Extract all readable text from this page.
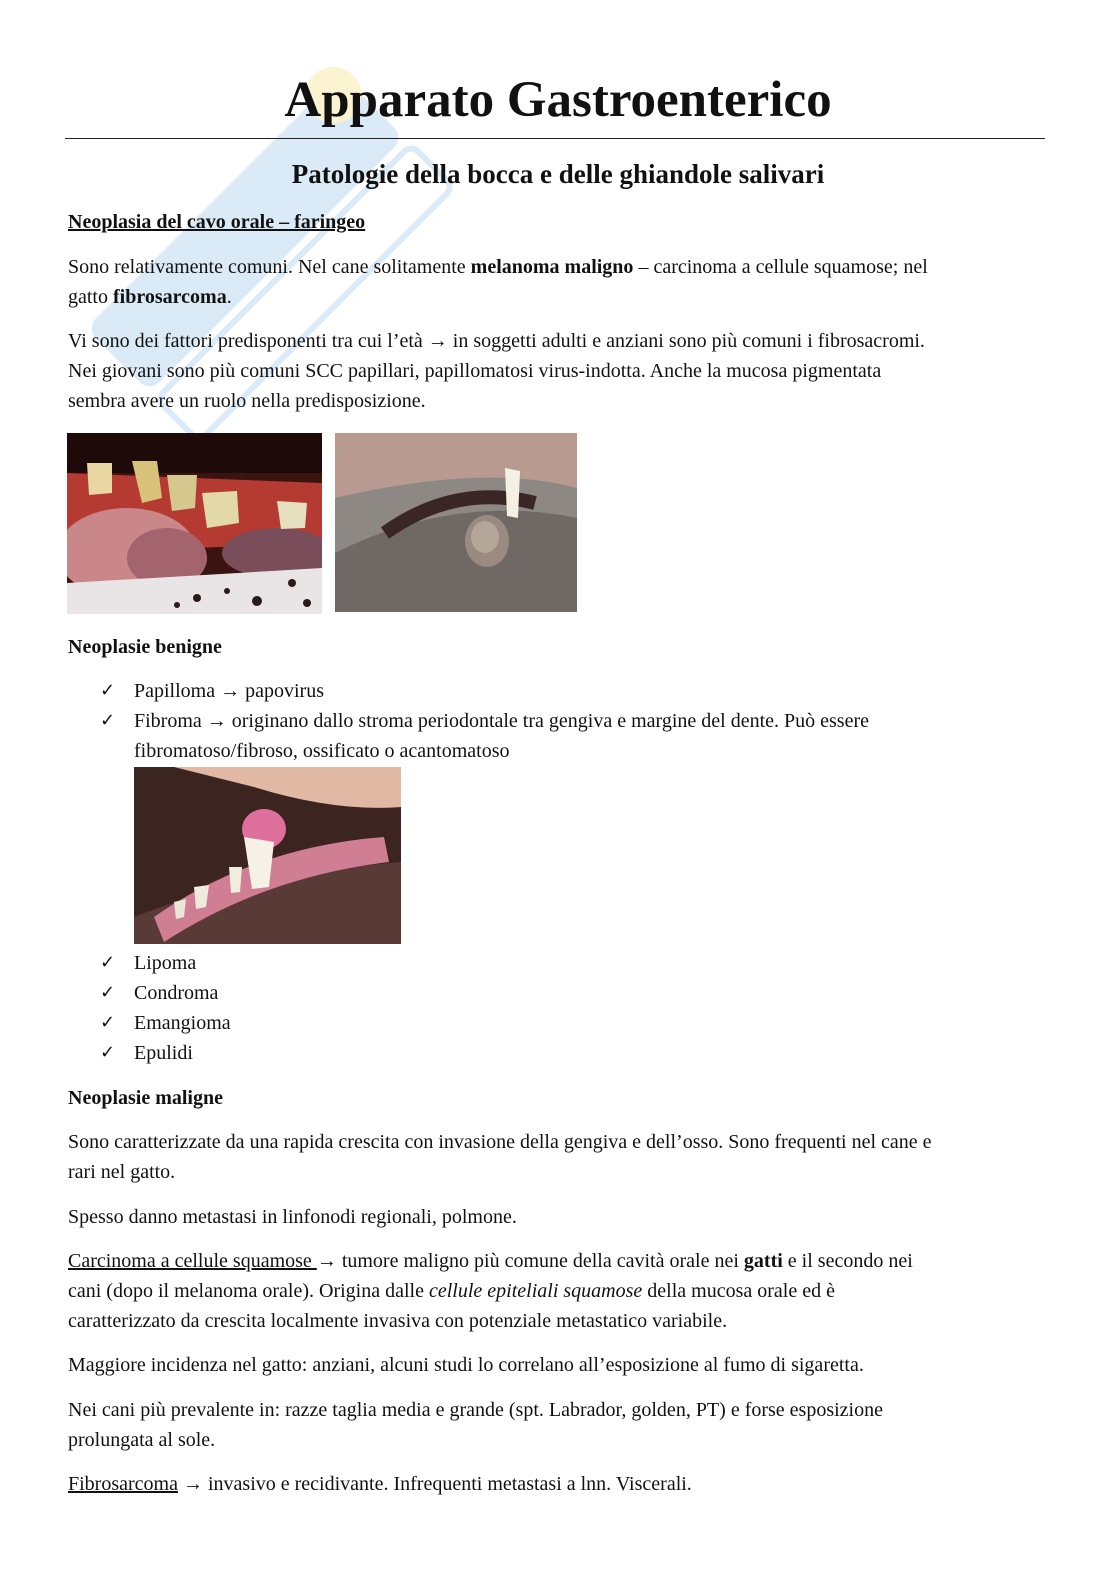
Apparato Gastroenterico
Patologie della bocca e delle ghiandole salivari

Neoplasia del cavo orale – faringeo

Sono relativamente comuni. Nel cane solitamente melanoma maligno – carcinoma a cellule squamose; nel

gatto fibrosarcoma.

Vi sono dei fattori predisponenti tra cui l’età → in soggetti adulti e anziani sono più comuni i fibrosacromi.

Nei giovani sono più comuni SCC papillari, papillomatosi virus-indotta. Anche la mucosa pigmentata

sembra avere un ruolo nella predisposizione.

Neoplasie benigne

✓ Papilloma → papovirus
✓ Fibroma → originano dallo stroma periodontale tra gengiva e margine del dente. Può essere
fibromatoso/fibroso, ossificato o acantomatoso
✓ Lipoma
✓ Condroma
✓ Emangioma
✓ Epulidi

Neoplasie maligne

Sono caratterizzate da una rapida crescita con invasione della gengiva e dell’osso. Sono frequenti nel cane e

rari nel gatto.

Spesso danno metastasi in linfonodi regionali, polmone.

Carcinoma a cellule squamose → tumore maligno più comune della cavità orale nei gatti e il secondo nei

cani (dopo il melanoma orale). Origina dalle cellule epiteliali squamose della mucosa orale ed è

caratterizzato da crescita localmente invasiva con potenziale metastatico variabile.

Maggiore incidenza nel gatto: anziani, alcuni studi lo correlano all’esposizione al fumo di sigaretta.

Nei cani più prevalente in: razze taglia media e grande (spt. Labrador, golden, PT) e forse esposizione

prolungata al sole.

Fibrosarcoma → invasivo e recidivante. Infrequenti metastasi a lnn. Viscerali.
